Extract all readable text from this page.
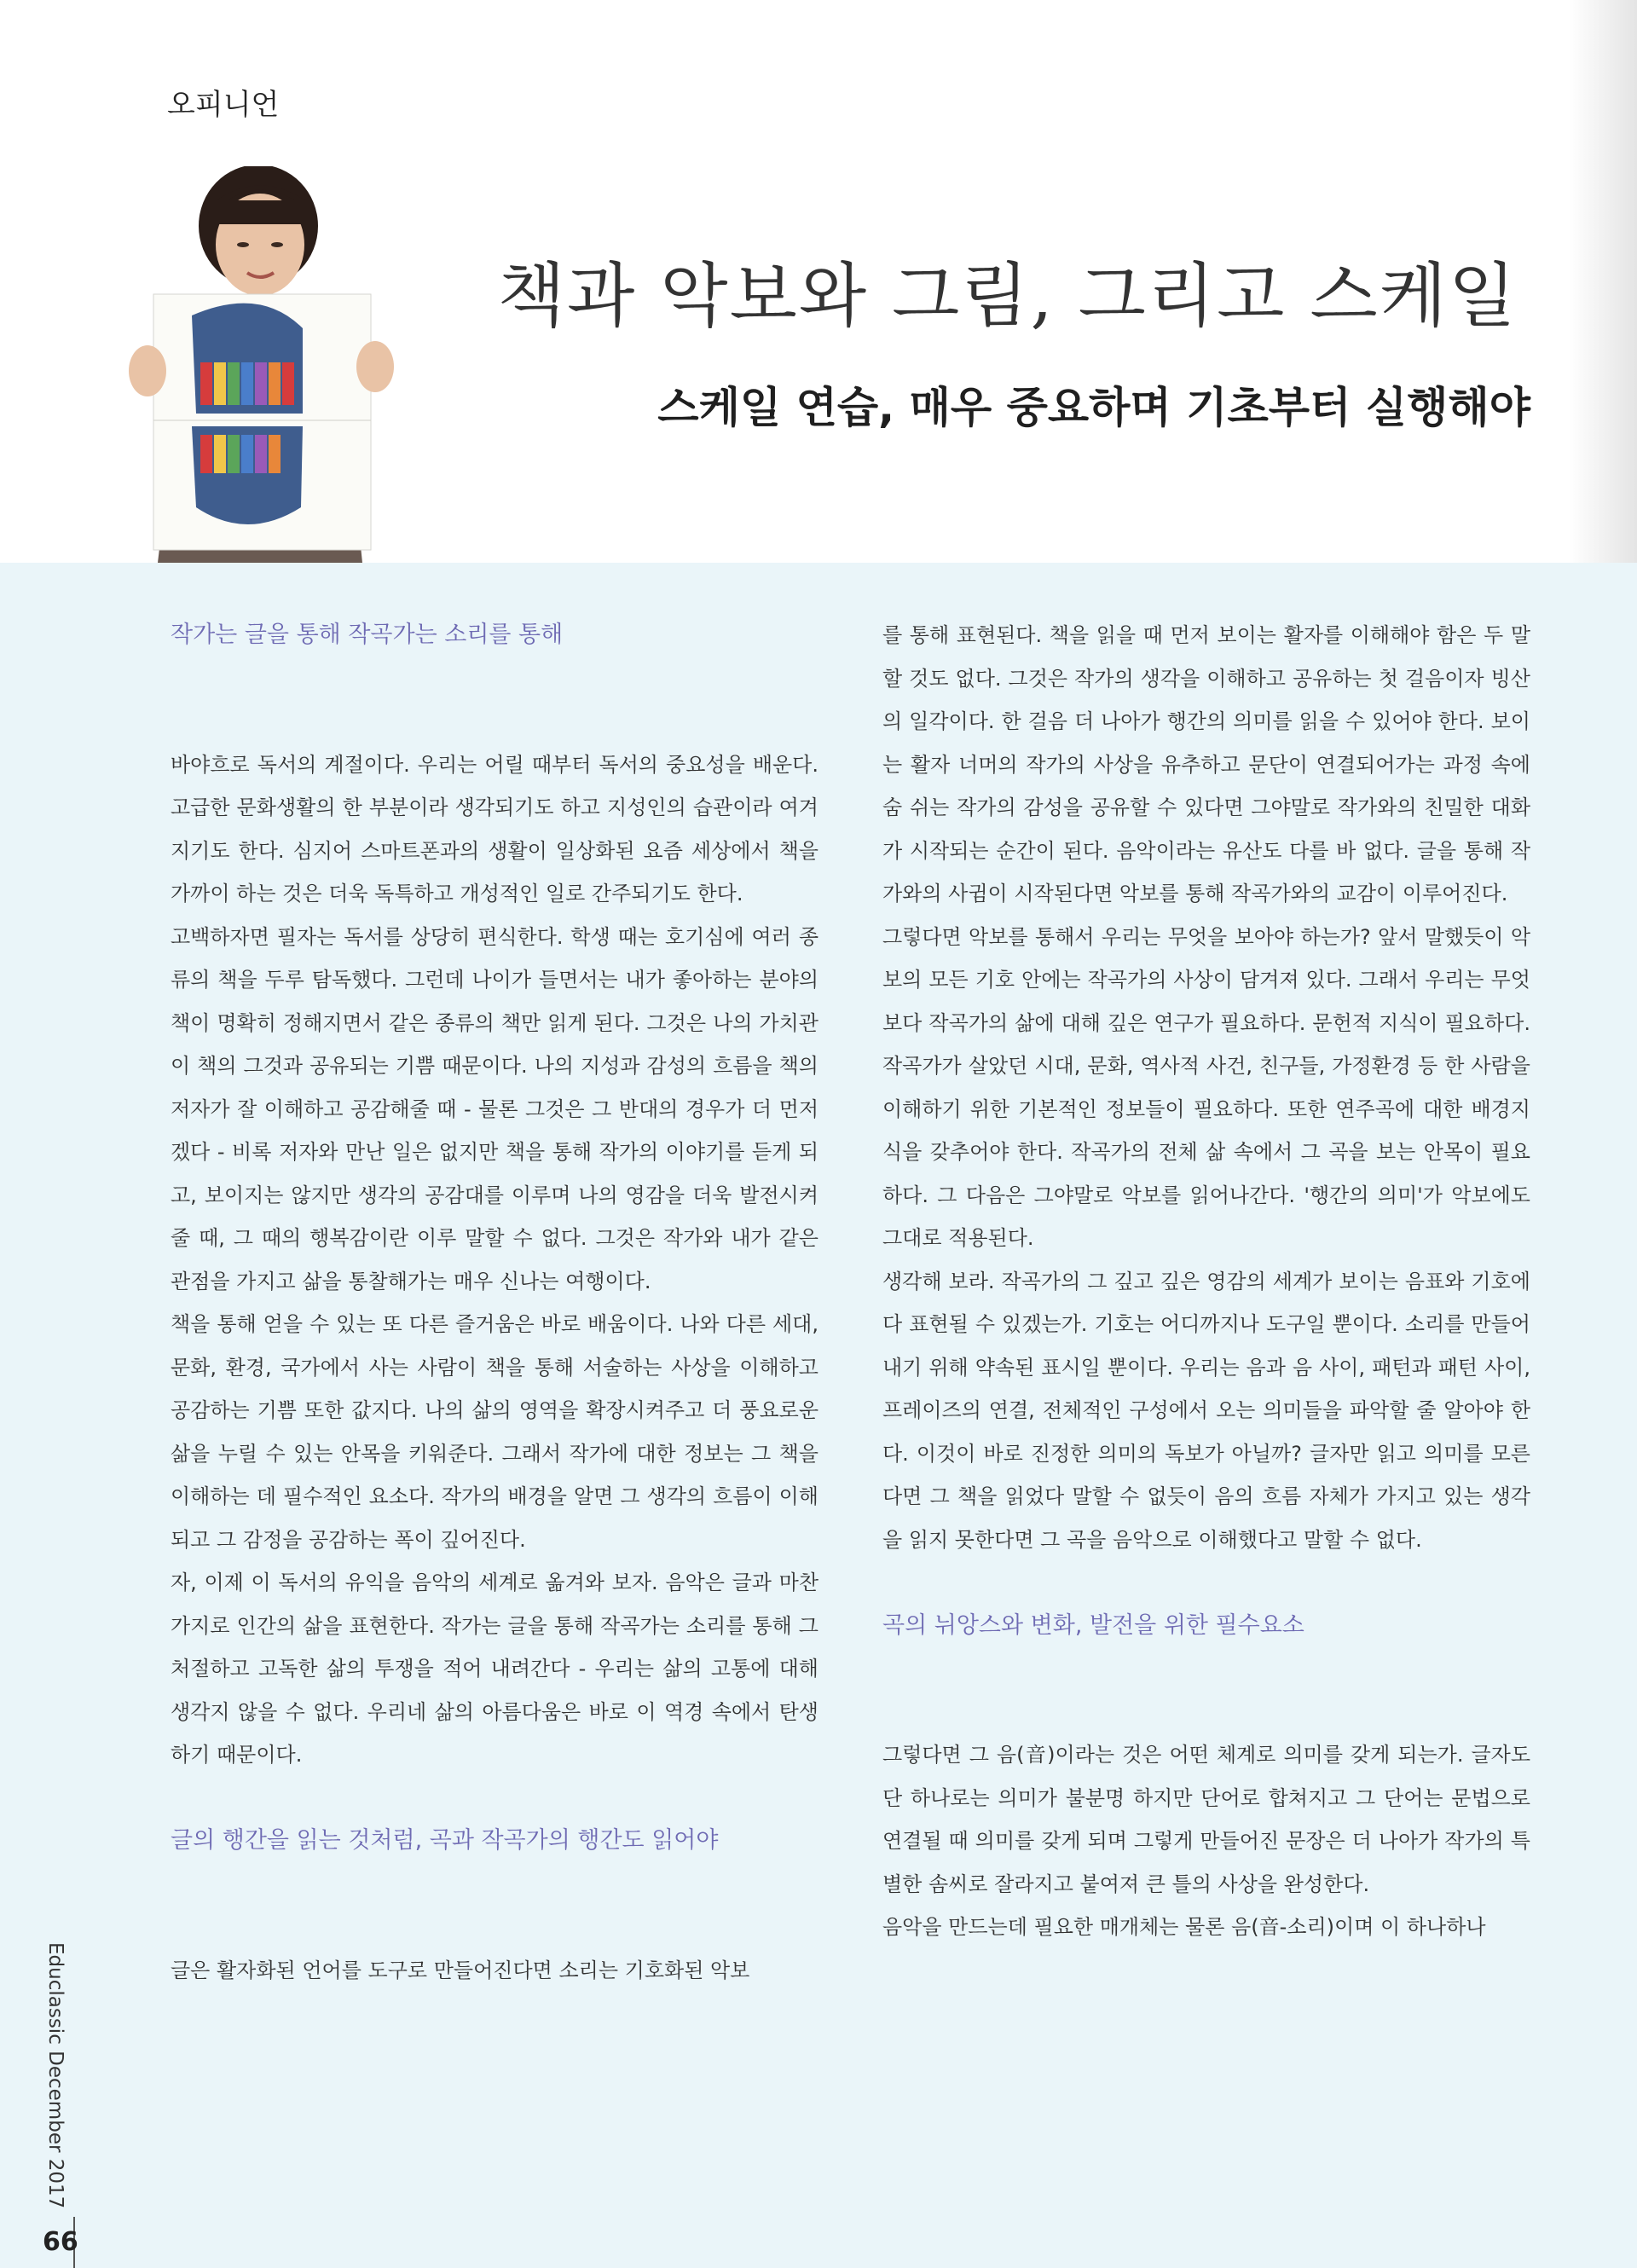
오피니언
책과 악보와 그림, 그리고 스케일
스케일 연습, 매우 중요하며 기초부터 실행해야
작가는 글을 통해 작곡가는 소리를 통해

바야흐로 독서의 계절이다. 우리는 어릴 때부터 독서의 중요성을 배운다. 고급한 문화생활의 한 부분이라 생각되기도 하고 지성인의 습관이라 여겨지기도 한다. 심지어 스마트폰과의 생활이 일상화된 요즘 세상에서 책을 가까이 하는 것은 더욱 독특하고 개성적인 일로 간주되기도 한다.

고백하자면 필자는 독서를 상당히 편식한다. 학생 때는 호기심에 여러 종류의 책을 두루 탐독했다. 그런데 나이가 들면서는 내가 좋아하는 분야의 책이 명확히 정해지면서 같은 종류의 책만 읽게 된다. 그것은 나의 가치관이 책의 그것과 공유되는 기쁨 때문이다. 나의 지성과 감성의 흐름을 책의 저자가 잘 이해하고 공감해줄 때 - 물론 그것은 그 반대의 경우가 더 먼저겠다 - 비록 저자와 만난 일은 없지만 책을 통해 작가의 이야기를 듣게 되고, 보이지는 않지만 생각의 공감대를 이루며 나의 영감을 더욱 발전시켜 줄 때, 그 때의 행복감이란 이루 말할 수 없다. 그것은 작가와 내가 같은 관점을 가지고 삶을 통찰해가는 매우 신나는 여행이다.

책을 통해 얻을 수 있는 또 다른 즐거움은 바로 배움이다. 나와 다른 세대, 문화, 환경, 국가에서 사는 사람이 책을 통해 서술하는 사상을 이해하고 공감하는 기쁨 또한 값지다. 나의 삶의 영역을 확장시켜주고 더 풍요로운 삶을 누릴 수 있는 안목을 키워준다. 그래서 작가에 대한 정보는 그 책을 이해하는 데 필수적인 요소다. 작가의 배경을 알면 그 생각의 흐름이 이해되고 그 감정을 공감하는 폭이 깊어진다.

자, 이제 이 독서의 유익을 음악의 세계로 옮겨와 보자. 음악은 글과 마찬가지로 인간의 삶을 표현한다. 작가는 글을 통해 작곡가는 소리를 통해 그 처절하고 고독한 삶의 투쟁을 적어 내려간다 - 우리는 삶의 고통에 대해 생각지 않을 수 없다. 우리네 삶의 아름다움은 바로 이 역경 속에서 탄생하기 때문이다.

글의 행간을 읽는 것처럼, 곡과 작곡가의 행간도 읽어야

글은 활자화된 언어를 도구로 만들어진다면 소리는 기호화된 악보

를 통해 표현된다. 책을 읽을 때 먼저 보이는 활자를 이해해야 함은 두 말 할 것도 없다. 그것은 작가의 생각을 이해하고 공유하는 첫 걸음이자 빙산의 일각이다. 한 걸음 더 나아가 행간의 의미를 읽을 수 있어야 한다. 보이는 활자 너머의 작가의 사상을 유추하고 문단이 연결되어가는 과정 속에 숨 쉬는 작가의 감성을 공유할 수 있다면 그야말로 작가와의 친밀한 대화가 시작되는 순간이 된다. 음악이라는 유산도 다를 바 없다. 글을 통해 작가와의 사귐이 시작된다면 악보를 통해 작곡가와의 교감이 이루어진다.

그렇다면 악보를 통해서 우리는 무엇을 보아야 하는가? 앞서 말했듯이 악보의 모든 기호 안에는 작곡가의 사상이 담겨져 있다. 그래서 우리는 무엇보다 작곡가의 삶에 대해 깊은 연구가 필요하다. 문헌적 지식이 필요하다. 작곡가가 살았던 시대, 문화, 역사적 사건, 친구들, 가정환경 등 한 사람을 이해하기 위한 기본적인 정보들이 필요하다. 또한 연주곡에 대한 배경지식을 갖추어야 한다. 작곡가의 전체 삶 속에서 그 곡을 보는 안목이 필요하다. 그 다음은 그야말로 악보를 읽어나간다. '행간의 의미'가 악보에도 그대로 적용된다.

생각해 보라. 작곡가의 그 깊고 깊은 영감의 세계가 보이는 음표와 기호에 다 표현될 수 있겠는가. 기호는 어디까지나 도구일 뿐이다. 소리를 만들어내기 위해 약속된 표시일 뿐이다. 우리는 음과 음 사이, 패턴과 패턴 사이, 프레이즈의 연결, 전체적인 구성에서 오는 의미들을 파악할 줄 알아야 한다. 이것이 바로 진정한 의미의 독보가 아닐까? 글자만 읽고 의미를 모른다면 그 책을 읽었다 말할 수 없듯이 음의 흐름 자체가 가지고 있는 생각을 읽지 못한다면 그 곡을 음악으로 이해했다고 말할 수 없다.

곡의 뉘앙스와 변화, 발전을 위한 필수요소

그렇다면 그 음(音)이라는 것은 어떤 체계로 의미를 갖게 되는가. 글자도 단 하나로는 의미가 불분명 하지만 단어로 합쳐지고 그 단어는 문법으로 연결될 때 의미를 갖게 되며 그렇게 만들어진 문장은 더 나아가 작가의 특별한 솜씨로 잘라지고 붙여져 큰 틀의 사상을 완성한다.

음악을 만드는데 필요한 매개체는 물론 음(音-소리)이며 이 하나하나

Educlassic December 2017
66
